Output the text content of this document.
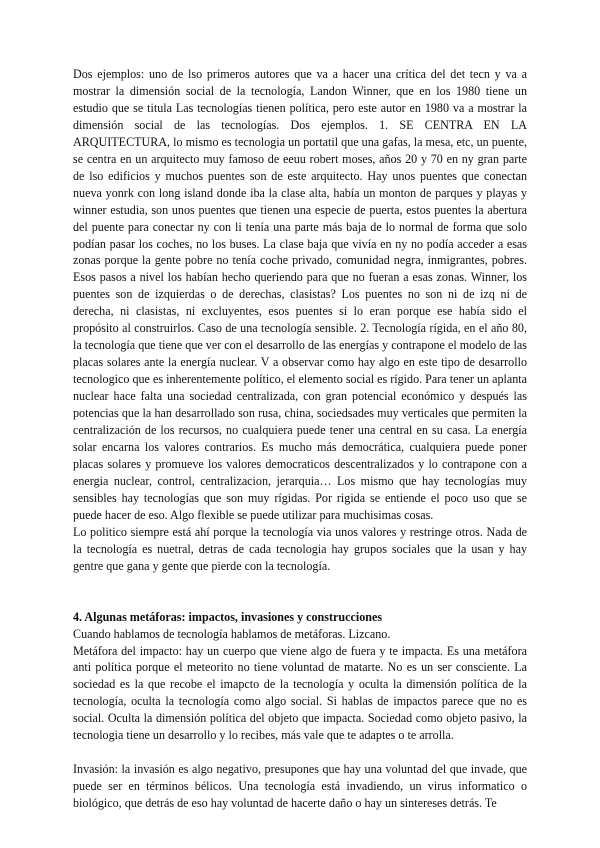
Dos ejemplos: uno de lso primeros autores que va a hacer una crítica del det tecn y va a mostrar la dimensión social de la tecnología, Landon Winner, que en los 1980 tiene un estudio que se titula Las tecnologías tienen política, pero este autor en 1980 va a mostrar la dimensión social de las tecnologías. Dos ejemplos. 1. SE CENTRA EN LA ARQUITECTURA, lo mismo es tecnologia un portatil que una gafas, la mesa, etc, un puente, se centra en un arquitecto muy famoso de eeuu robert moses, años 20 y 70 en ny gran parte de lso edificios y muchos puentes son de este arquitecto. Hay unos puentes que conectan nueva yonrk con long island donde iba la clase alta, había un monton de parques y playas y winner estudia, son unos puentes que tienen una especie de puerta, estos puentes la abertura del puente para conectar ny con li tenía una parte más baja de lo normal de forma que solo podían pasar los coches, no los buses. La clase baja que vivía en ny no podía acceder a esas zonas porque la gente pobre no tenía coche privado, comunidad negra, inmigrantes, pobres. Esos pasos a nivel los habían hecho queriendo para que no fueran a esas zonas. Winner, los puentes son de izquierdas o de derechas, clasistas? Los puentes no son ni de izq ni de derecha, ni clasistas, ni excluyentes, esos puentes si lo eran porque ese había sido el propósito al construirlos. Caso de una tecnología sensible. 2. Tecnología rígida, en el año 80, la tecnología que tiene que ver con el desarrollo de las energías y contrapone el modelo de las placas solares ante la energía nuclear. V a observar como hay algo en este tipo de desarrollo tecnologico que es inherentemente político, el elemento social es rígido. Para tener un aplanta nuclear hace falta una sociedad centralizada, con gran potencial económico y después las potencias que la han desarrollado son rusa, china, sociedsades muy verticales que permiten la centralización de los recursos, no cualquiera puede tener una central en su casa. La energía solar encarna los valores contrarios. Es mucho más democrática, cualquiera puede poner placas solares y promueve los valores democraticos descentralizados y lo contrapone con a energia nuclear, control, centralizacion, jerarquia… Los mismo que hay tecnologías muy sensibles hay tecnologías que son muy rígidas. Por rigida se entiende el poco uso que se puede hacer de eso. Algo flexible se puede utilizar para muchisimas cosas.

Lo politico siempre está ahí porque la tecnología via unos valores y restringe otros. Nada de la tecnología es nuetral, detras de cada tecnologia hay grupos sociales que la usan y hay gentre que gana y gente que pierde con la tecnología.

4. Algunas metáforas: impactos, invasiones y construcciones

Cuando hablamos de tecnología hablamos de metáforas. Lizcano.

Metáfora del impacto: hay un cuerpo que viene algo de fuera y te impacta. Es una metáfora anti política porque el meteorito no tiene voluntad de matarte. No es un ser consciente. La sociedad es la que recobe el imapcto de la tecnología y oculta la dimensión política de la tecnología, oculta la tecnología como algo social. Si hablas de impactos parece que no es social. Oculta la dimensión política del objeto que impacta. Sociedad como objeto pasivo, la tecnologia tiene un desarrollo y lo recibes, más vale que te adaptes o te arrolla.

Invasión: la invasión es algo negativo, presupones que hay una voluntad del que invade, que puede ser en términos bélicos. Una tecnología está invadiendo, un virus informatico o biológico, que detrás de eso hay voluntad de hacerte daño o hay un sintereses detrás. Te
